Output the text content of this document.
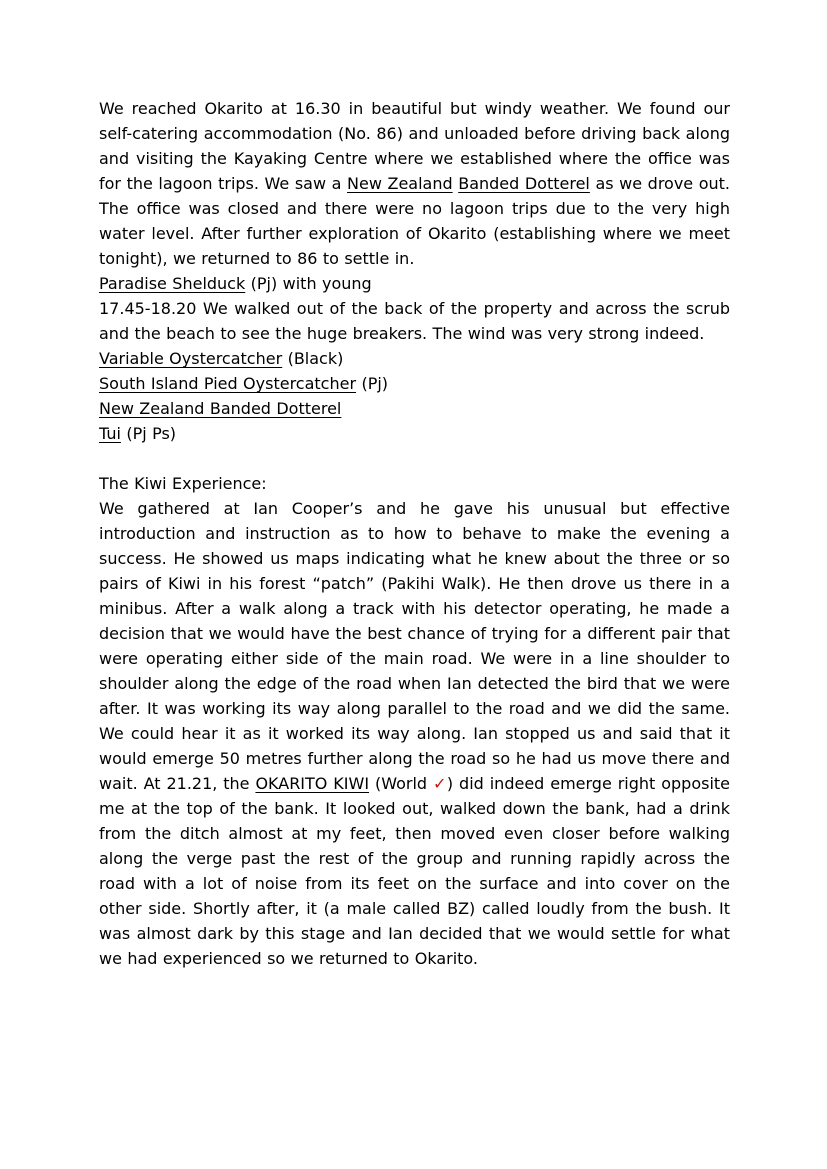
We reached Okarito at 16.30 in beautiful but windy weather. We found our self-catering accommodation (No. 86) and unloaded before driving back along and visiting the Kayaking Centre where we established where the office was for the lagoon trips. We saw a New Zealand Banded Dotterel as we drove out. The office was closed and there were no lagoon trips due to the very high water level. After further exploration of Okarito (establishing where we meet tonight), we returned to 86 to settle in.

Paradise Shelduck (Pj) with young

17.45-18.20 We walked out of the back of the property and across the scrub and the beach to see the huge breakers. The wind was very strong indeed.

Variable Oystercatcher (Black)

South Island Pied Oystercatcher (Pj)

New Zealand Banded Dotterel

Tui (Pj Ps)

The Kiwi Experience:

We gathered at Ian Cooper’s and he gave his unusual but effective introduction and instruction as to how to behave to make the evening a success. He showed us maps indicating what he knew about the three or so pairs of Kiwi in his forest “patch” (Pakihi Walk). He then drove us there in a minibus. After a walk along a track with his detector operating, he made a decision that we would have the best chance of trying for a different pair that were operating either side of the main road. We were in a line shoulder to shoulder along the edge of the road when Ian detected the bird that we were after. It was working its way along parallel to the road and we did the same. We could hear it as it worked its way along. Ian stopped us and said that it would emerge 50 metres further along the road so he had us move there and wait. At 21.21, the OKARITO KIWI (World ✓) did indeed emerge right opposite me at the top of the bank. It looked out, walked down the bank, had a drink from the ditch almost at my feet, then moved even closer before walking along the verge past the rest of the group and running rapidly across the road with a lot of noise from its feet on the surface and into cover on the other side. Shortly after, it (a male called BZ) called loudly from the bush. It was almost dark by this stage and Ian decided that we would settle for what we had experienced so we returned to Okarito.
